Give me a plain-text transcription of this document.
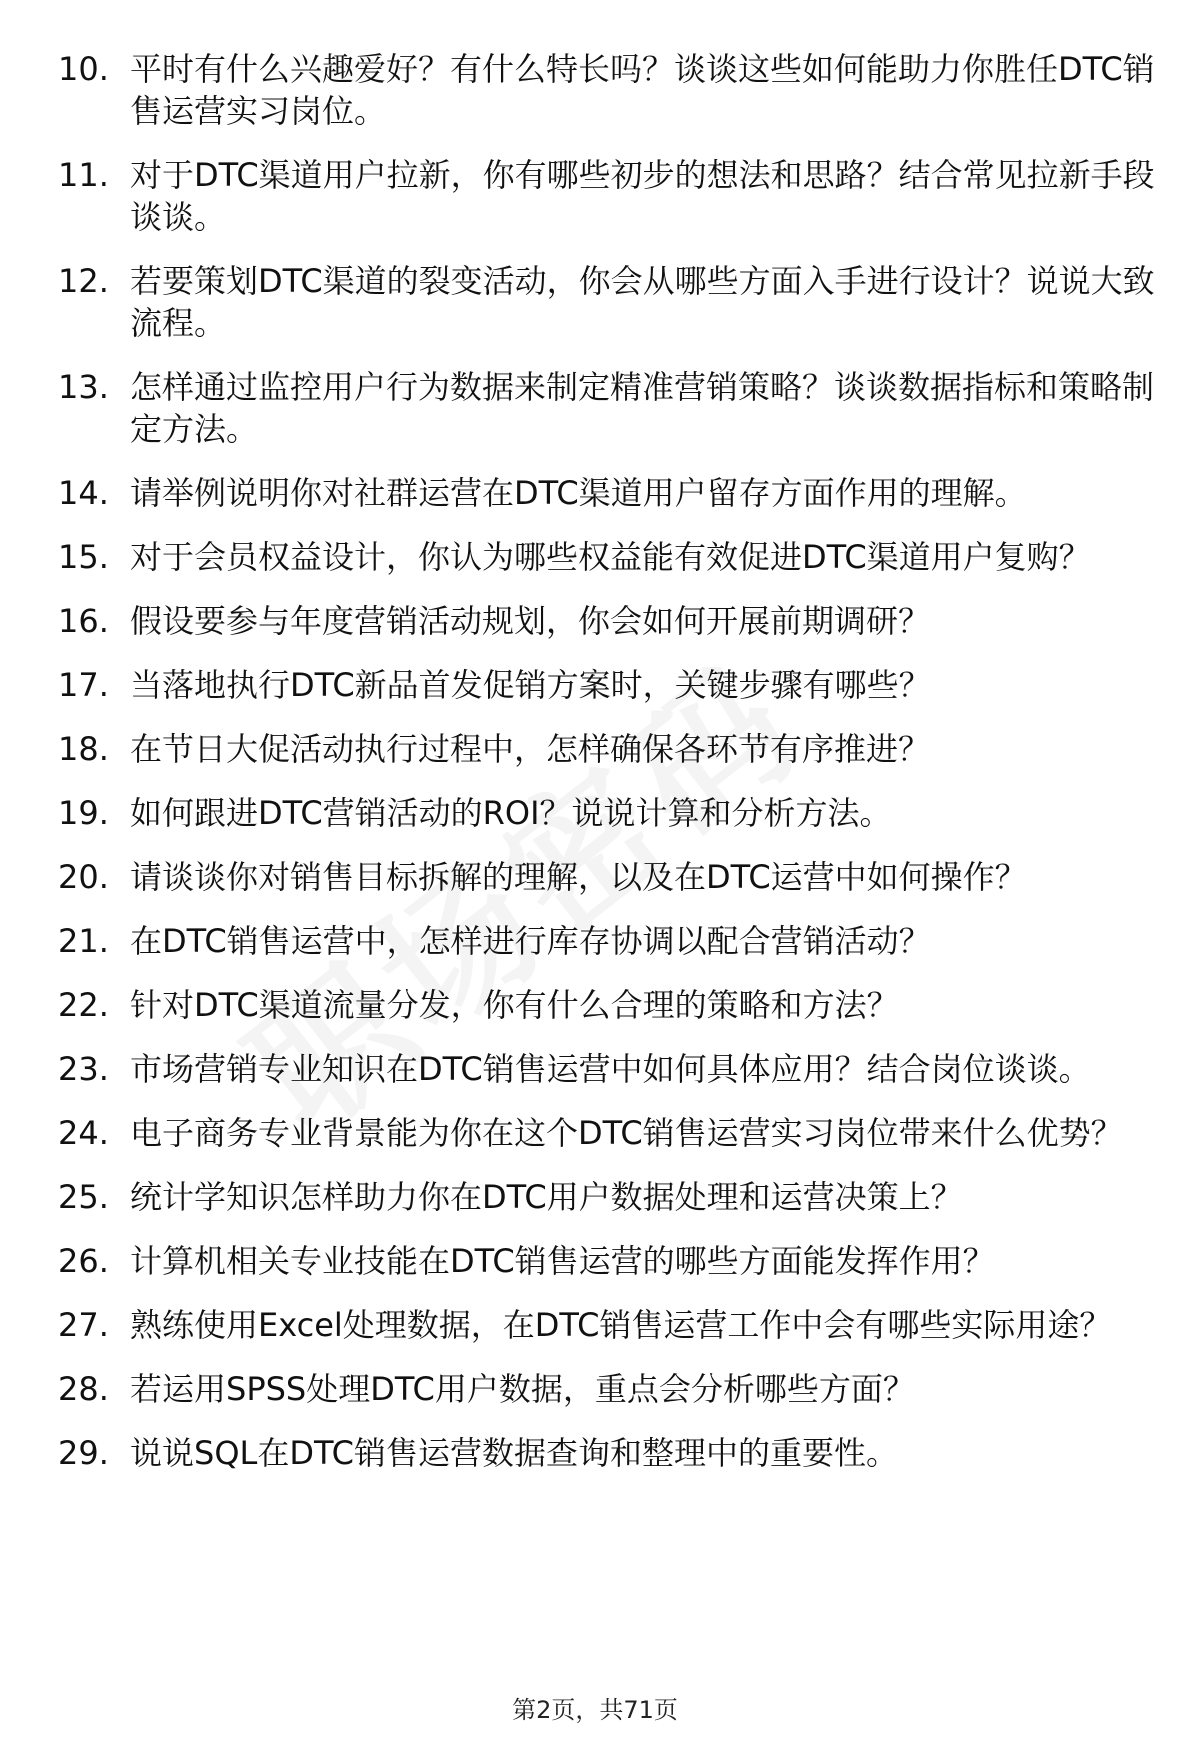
10. 平时有什么兴趣爱好？有什么特长吗？谈谈这些如何能助力你胜任DTC销售运营实习岗位。
11. 对于DTC渠道用户拉新，你有哪些初步的想法和思路？结合常见拉新手段谈谈。
12. 若要策划DTC渠道的裂变活动，你会从哪些方面入手进行设计？说说大致流程。
13. 怎样通过监控用户行为数据来制定精准营销策略？谈谈数据指标和策略制定方法。
14. 请举例说明你对社群运营在DTC渠道用户留存方面作用的理解。
15. 对于会员权益设计，你认为哪些权益能有效促进DTC渠道用户复购？
16. 假设要参与年度营销活动规划，你会如何开展前期调研？
17. 当落地执行DTC新品首发促销方案时，关键步骤有哪些？
18. 在节日大促活动执行过程中，怎样确保各环节有序推进？
19. 如何跟进DTC营销活动的ROI？说说计算和分析方法。
20. 请谈谈你对销售目标拆解的理解，以及在DTC运营中如何操作？
21. 在DTC销售运营中，怎样进行库存协调以配合营销活动？
22. 针对DTC渠道流量分发，你有什么合理的策略和方法？
23. 市场营销专业知识在DTC销售运营中如何具体应用？结合岗位谈谈。
24. 电子商务专业背景能为你在这个DTC销售运营实习岗位带来什么优势？
25. 统计学知识怎样助力你在DTC用户数据处理和运营决策上？
26. 计算机相关专业技能在DTC销售运营的哪些方面能发挥作用？
27. 熟练使用Excel处理数据，在DTC销售运营工作中会有哪些实际用途？
28. 若运用SPSS处理DTC用户数据，重点会分析哪些方面？
29. 说说SQL在DTC销售运营数据查询和整理中的重要性。
第2页，共71页
